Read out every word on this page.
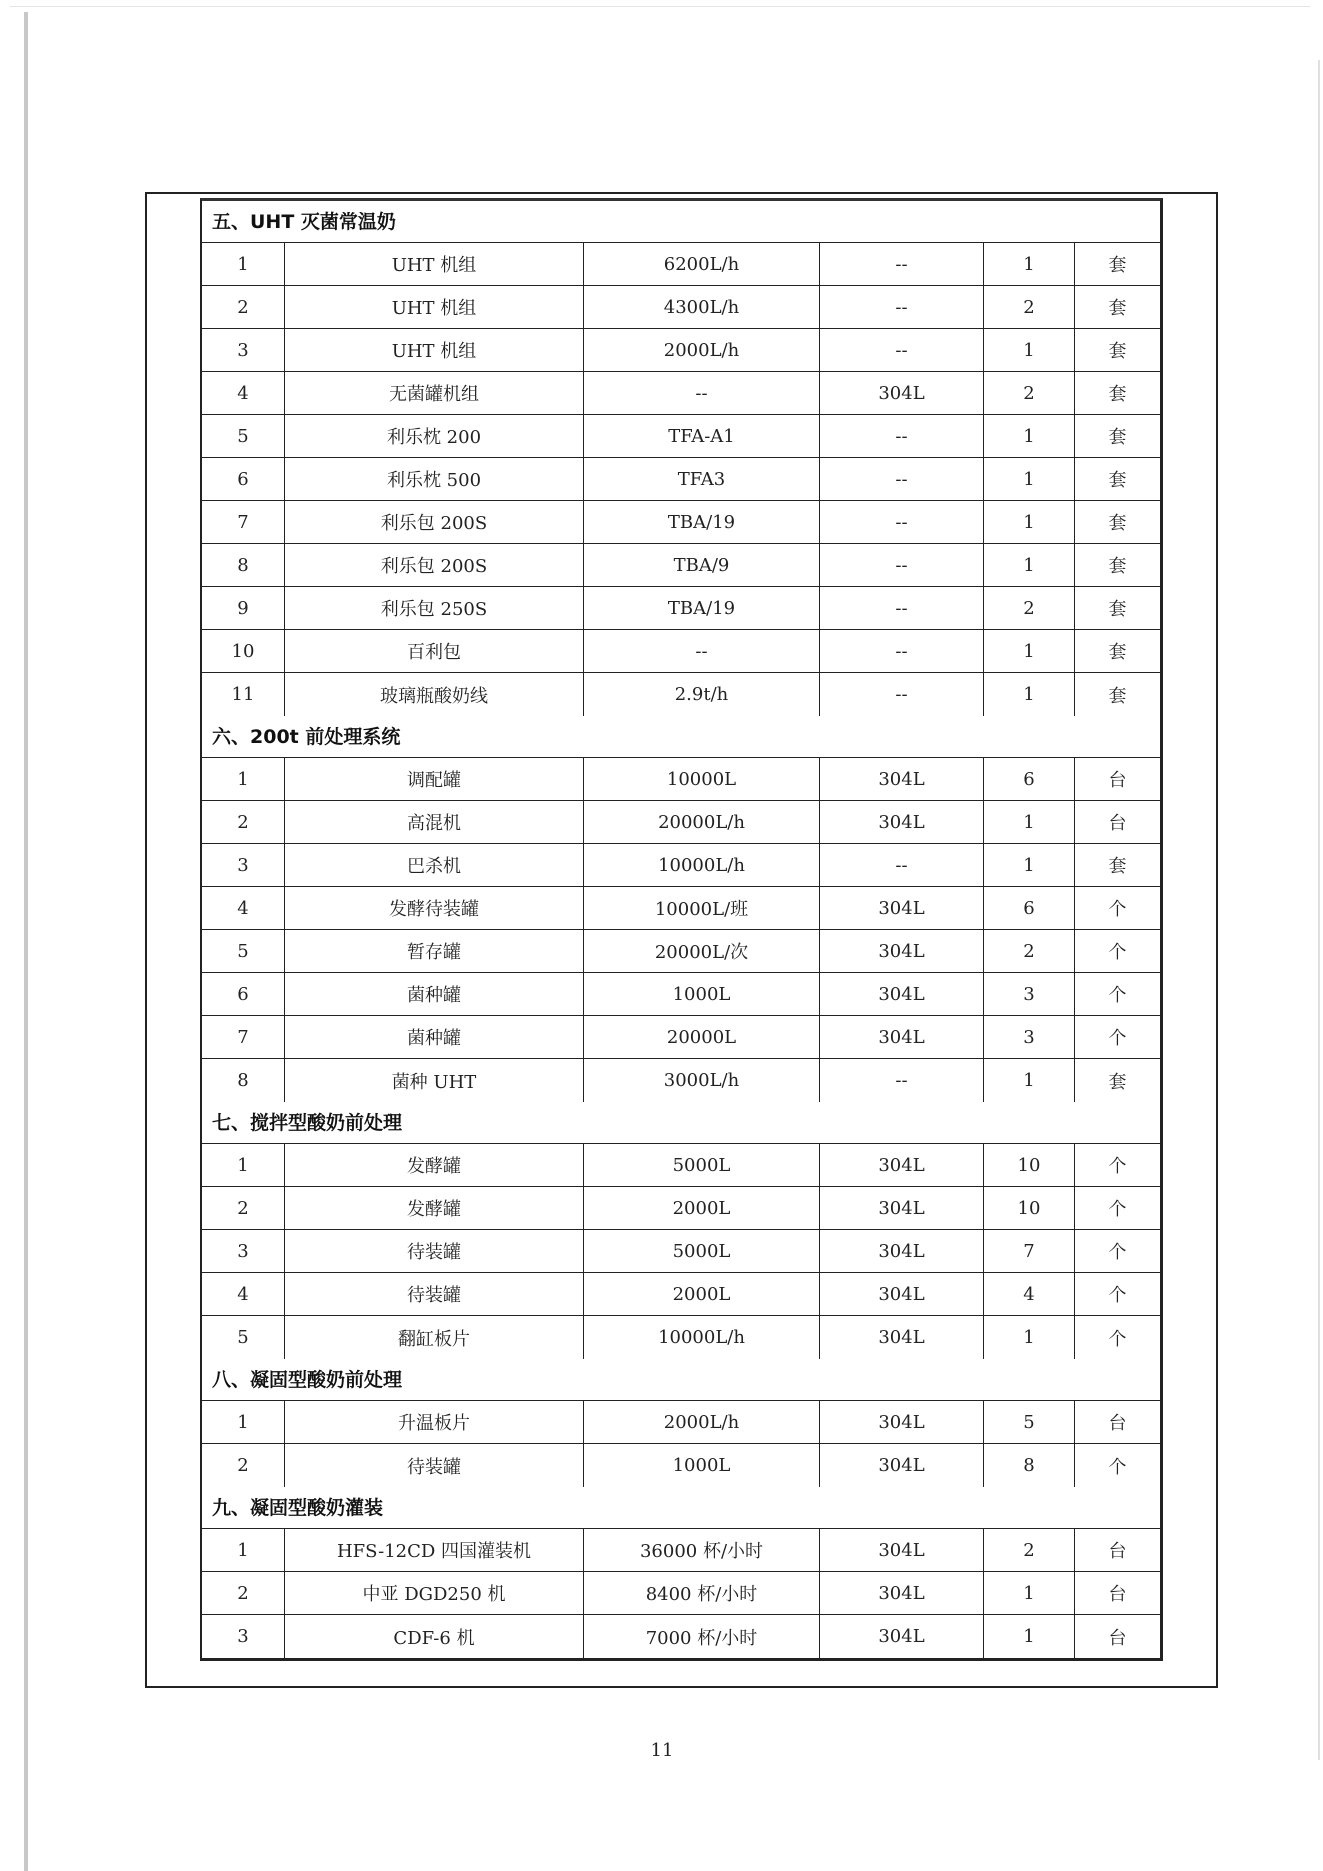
五、UHT 灭菌常温奶
1	UHT 机组	6200L/h	--	1	套
2	UHT 机组	4300L/h	--	2	套
3	UHT 机组	2000L/h	--	1	套
4	无菌罐机组	--	304L	2	套
5	利乐枕 200	TFA-A1	--	1	套
6	利乐枕 500	TFA3	--	1	套
7	利乐包 200S	TBA/19	--	1	套
8	利乐包 200S	TBA/9	--	1	套
9	利乐包 250S	TBA/19	--	2	套
10	百利包	--	--	1	套
11	玻璃瓶酸奶线	2.9t/h	--	1	套
六、200t 前处理系统
1	调配罐	10000L	304L	6	台
2	高混机	20000L/h	304L	1	台
3	巴杀机	10000L/h	--	1	套
4	发酵待装罐	10000L/班	304L	6	个
5	暂存罐	20000L/次	304L	2	个
6	菌种罐	1000L	304L	3	个
7	菌种罐	20000L	304L	3	个
8	菌种 UHT	3000L/h	--	1	套
七、搅拌型酸奶前处理
1	发酵罐	5000L	304L	10	个
2	发酵罐	2000L	304L	10	个
3	待装罐	5000L	304L	7	个
4	待装罐	2000L	304L	4	个
5	翻缸板片	10000L/h	304L	1	个
八、凝固型酸奶前处理
1	升温板片	2000L/h	304L	5	台
2	待装罐	1000L	304L	8	个
九、凝固型酸奶灌装
1	HFS-12CD 四国灌装机	36000 杯/小时	304L	2	台
2	中亚 DGD250 机	8400 杯/小时	304L	1	台
3	CDF-6 机	7000 杯/小时	304L	1	台
11
